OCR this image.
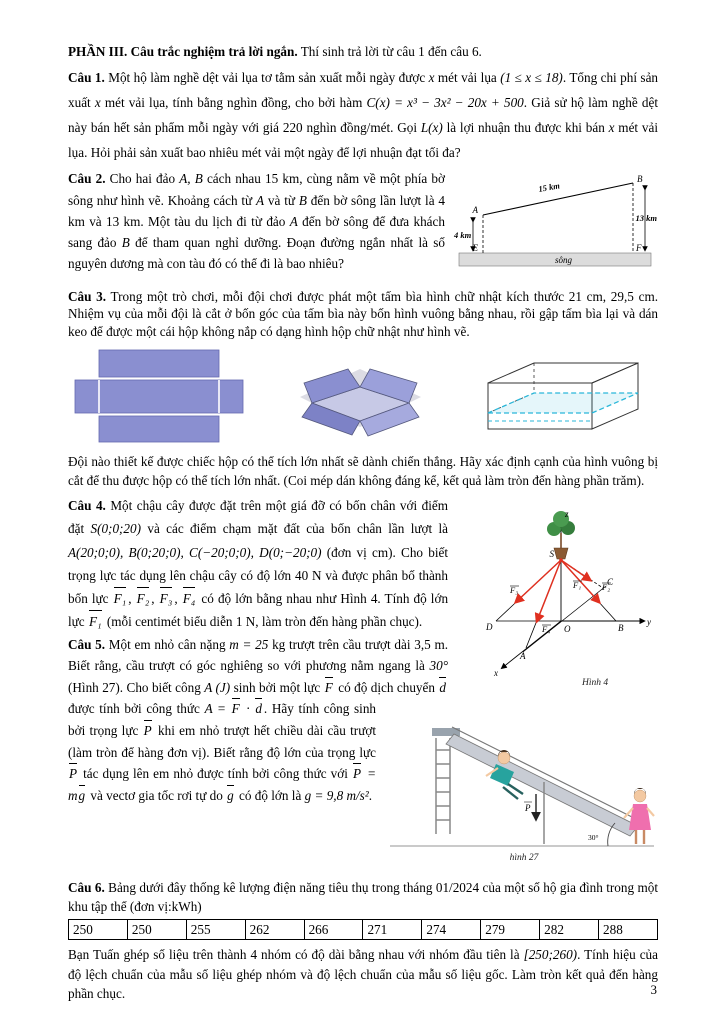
PHẦN III. Câu trắc nghiệm trả lời ngắn. Thí sinh trả lời từ câu 1 đến câu 6.

Câu 1. Một hộ làm nghề dệt vải lụa tơ tằm sản xuất mỗi ngày được x mét vải lụa (1 ≤ x ≤ 18). Tổng chi phí sản xuất x mét vải lụa, tính bằng nghìn đồng, cho bởi hàm C(x) = x³ − 3x² − 20x + 500. Giả sử hộ làm nghề dệt này bán hết sản phẩm mỗi ngày với giá 220 nghìn đồng/mét. Gọi L(x) là lợi nhuận thu được khi bán x mét vải lụa. Hỏi phải sản xuất bao nhiêu mét vải một ngày để lợi nhuận đạt tối đa?

15 km
13 km
4 km
A
B
E	F
sông
Câu 2. Cho hai đảo A, B cách nhau 15 km, cùng nằm về một phía bờ sông như hình vẽ. Khoảng cách từ A và từ B đến bờ sông lần lượt là 4 km và 13 km. Một tàu du lịch đi từ đảo A đến bờ sông để đưa khách sang đảo B để tham quan nghỉ dưỡng. Đoạn đường ngắn nhất là số nguyên dương mà con tàu đó có thể đi là bao nhiêu?

Câu 3. Trong một trò chơi, mỗi đội chơi được phát một tấm bìa hình chữ nhật kích thước 21 cm, 29,5 cm. Nhiệm vụ của mỗi đội là cắt ở bốn góc của tấm bìa này bốn hình vuông bằng nhau, rồi gập tấm bìa lại và dán keo để được một cái hộp không nắp có dạng hình hộp chữ nhật như hình vẽ.

Đội nào thiết kế được chiếc hộp có thể tích lớn nhất sẽ dành chiến thắng. Hãy xác định cạnh của hình vuông bị cắt để thu được hộp có thể tích lớn nhất. (Coi mép dán không đáng kể, kết quả làm tròn đến hàng phần trăm).

z
y
x
S
O
D	B
A
C
F₃	F₂
F₁
F₄
Hình 4

Câu 4. Một chậu cây được đặt trên một giá đỡ có bốn chân với điểm đặt S(0;0;20) và các điểm chạm mặt đất của bốn chân lần lượt là A(20;0;0), B(0;20;0), C(−20;0;0), D(0;−20;0) (đơn vị cm). Cho biết trọng lực tác dụng lên chậu cây có độ lớn 40 N và được phân bố thành bốn lực F₁ , F₂ , F₃ , F₄ có độ lớn bằng nhau như Hình 4. Tính độ lớn lực F₁ (mỗi centimét biểu diễn 1 N, làm tròn đến hàng phần chục).

Câu 5. Một em nhỏ cân nặng m = 25 kg trượt trên cầu trượt dài 3,5 m. Biết rằng, cầu trượt có góc nghiêng so với phương nằm ngang là 30° (Hình 27). Cho biết công A (J) sinh bởi một
P
30°
hình 27
lực F có độ dịch chuyển d được tính bởi công thức A = F · d . Hãy tính công sinh bởi trọng lực P khi em nhỏ trượt hết chiều dài cầu trượt (làm tròn để hàng đơn vị). Biết rằng độ lớn của trọng lực P tác dụng lên em nhỏ được tính bởi công thức với P = mg và vectơ gia tốc rơi tự do g có độ lớn là g = 9,8 m/s².

Câu 6. Bảng dưới đây thống kê lượng điện năng tiêu thụ trong tháng 01/2024 của một số hộ gia đình trong một khu tập thể (đơn vị:kWh)

250	250	255	262	266	271	274	279	282	288

Bạn Tuấn ghép số liệu trên thành 4 nhóm có độ dài bằng nhau với nhóm đầu tiên là [250;260). Tính hiệu của độ lệch chuẩn của mẫu số liệu ghép nhóm và độ lệch chuẩn của mẫu số liệu gốc. Làm tròn kết quả đến hàng phần chục.	3
